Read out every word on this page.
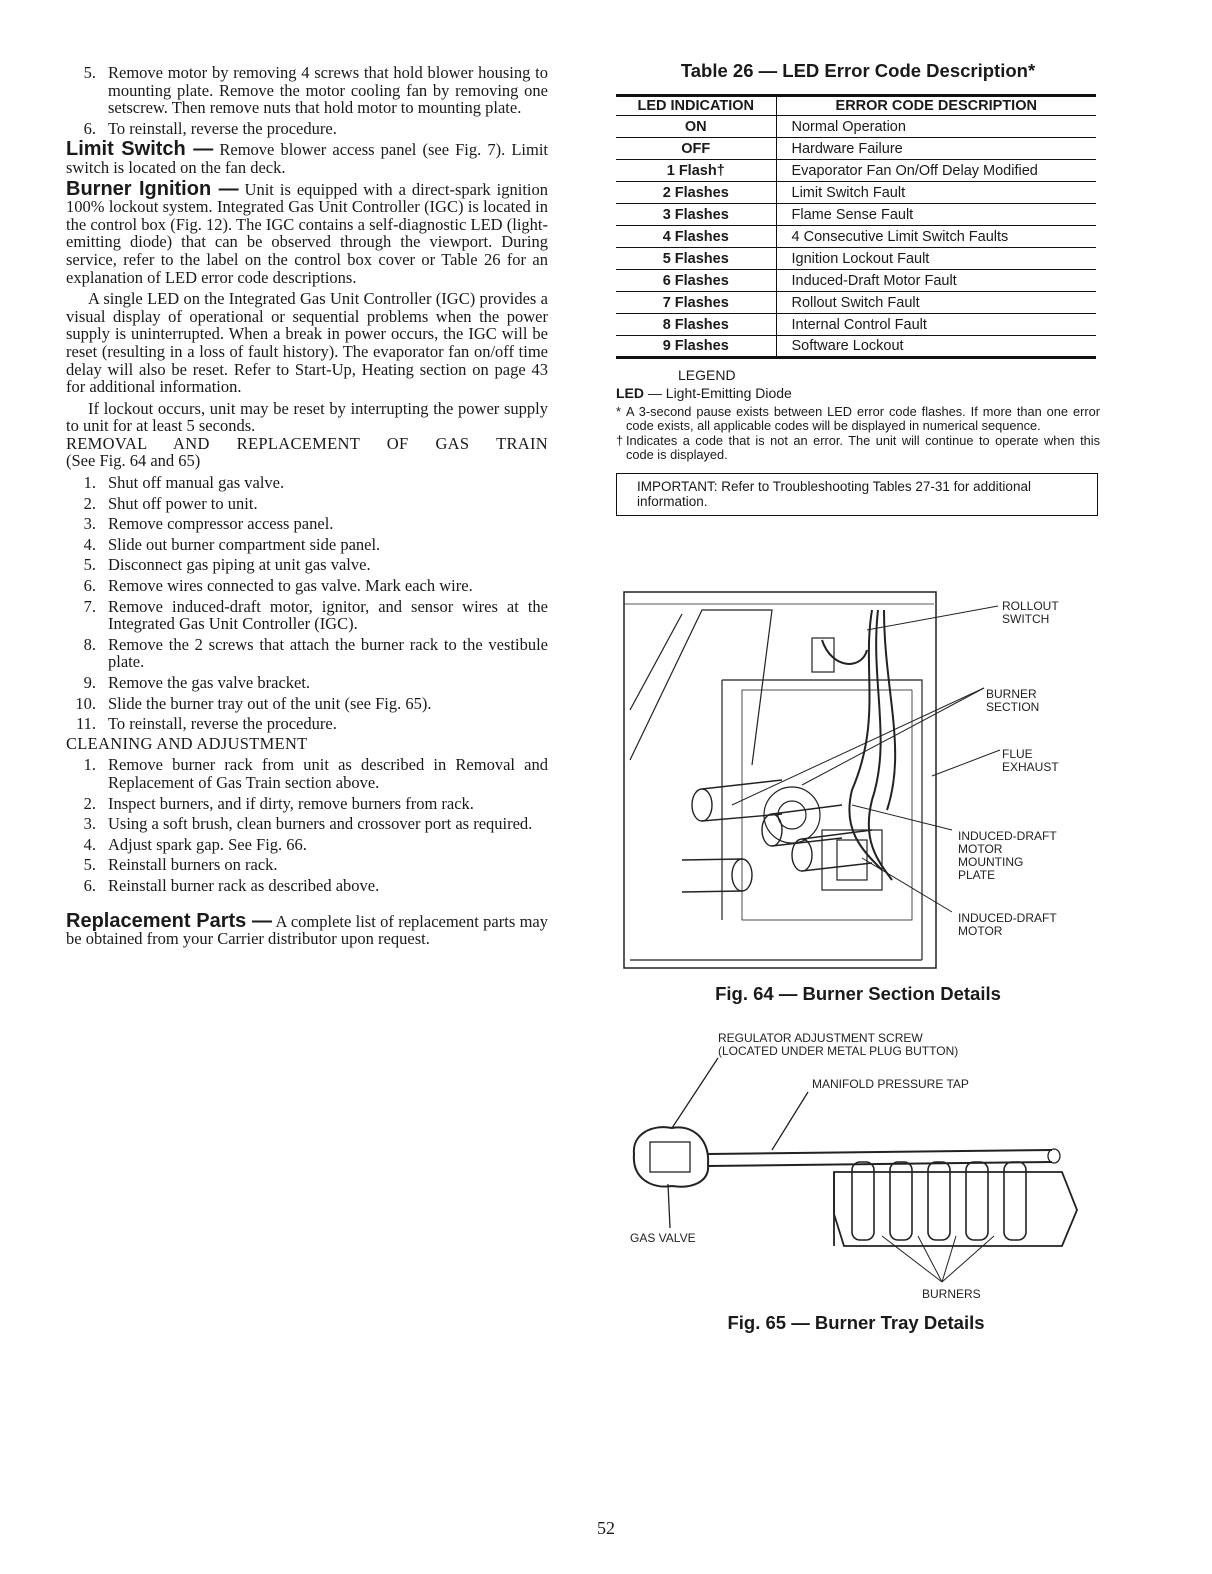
5. Remove motor by removing 4 screws that hold blower housing to mounting plate. Remove the motor cooling fan by removing one setscrew. Then remove nuts that hold motor to mounting plate.
6. To reinstall, reverse the procedure.
Limit Switch — Remove blower access panel (see Fig. 7). Limit switch is located on the fan deck.
Burner Ignition — Unit is equipped with a direct-spark ignition 100% lockout system. Integrated Gas Unit Controller (IGC) is located in the control box (Fig. 12). The IGC contains a self-diagnostic LED (light-emitting diode) that can be observed through the viewport. During service, refer to the label on the control box cover or Table 26 for an explanation of LED error code descriptions.
A single LED on the Integrated Gas Unit Controller (IGC) provides a visual display of operational or sequential problems when the power supply is uninterrupted. When a break in power occurs, the IGC will be reset (resulting in a loss of fault history). The evaporator fan on/off time delay will also be reset. Refer to Start-Up, Heating section on page 43 for additional information.
If lockout occurs, unit may be reset by interrupting the power supply to unit for at least 5 seconds.
REMOVAL AND REPLACEMENT OF GAS TRAIN
(See Fig. 64 and 65)
1. Shut off manual gas valve.
2. Shut off power to unit.
3. Remove compressor access panel.
4. Slide out burner compartment side panel.
5. Disconnect gas piping at unit gas valve.
6. Remove wires connected to gas valve. Mark each wire.
7. Remove induced-draft motor, ignitor, and sensor wires at the Integrated Gas Unit Controller (IGC).
8. Remove the 2 screws that attach the burner rack to the vestibule plate.
9. Remove the gas valve bracket.
10. Slide the burner tray out of the unit (see Fig. 65).
11. To reinstall, reverse the procedure.
CLEANING AND ADJUSTMENT
1. Remove burner rack from unit as described in Removal and Replacement of Gas Train section above.
2. Inspect burners, and if dirty, remove burners from rack.
3. Using a soft brush, clean burners and crossover port as required.
4. Adjust spark gap. See Fig. 66.
5. Reinstall burners on rack.
6. Reinstall burner rack as described above.
Replacement Parts — A complete list of replacement parts may be obtained from your Carrier distributor upon request.
Table 26 — LED Error Code Description*
LED INDICATION	ERROR CODE DESCRIPTION
ON	Normal Operation
OFF	Hardware Failure
1 Flash†	Evaporator Fan On/Off Delay Modified
2 Flashes	Limit Switch Fault
3 Flashes	Flame Sense Fault
4 Flashes	4 Consecutive Limit Switch Faults
5 Flashes	Ignition Lockout Fault
6 Flashes	Induced-Draft Motor Fault
7 Flashes	Rollout Switch Fault
8 Flashes	Internal Control Fault
9 Flashes	Software Lockout
LEGEND
LED — Light-Emitting Diode
* A 3-second pause exists between LED error code flashes. If more than one error code exists, all applicable codes will be displayed in numerical sequence.
† Indicates a code that is not an error. The unit will continue to operate when this code is displayed.
IMPORTANT: Refer to Troubleshooting Tables 27-31 for additional information.
ROLLOUT
SWITCH
BURNER
SECTION
FLUE
EXHAUST
INDUCED-DRAFT
MOTOR
MOUNTING
PLATE
INDUCED-DRAFT
MOTOR
Fig. 64 — Burner Section Details
REGULATOR ADJUSTMENT SCREW
(LOCATED UNDER METAL PLUG BUTTON)
MANIFOLD PRESSURE TAP
GAS VALVE
BURNERS
Fig. 65 — Burner Tray Details
52
